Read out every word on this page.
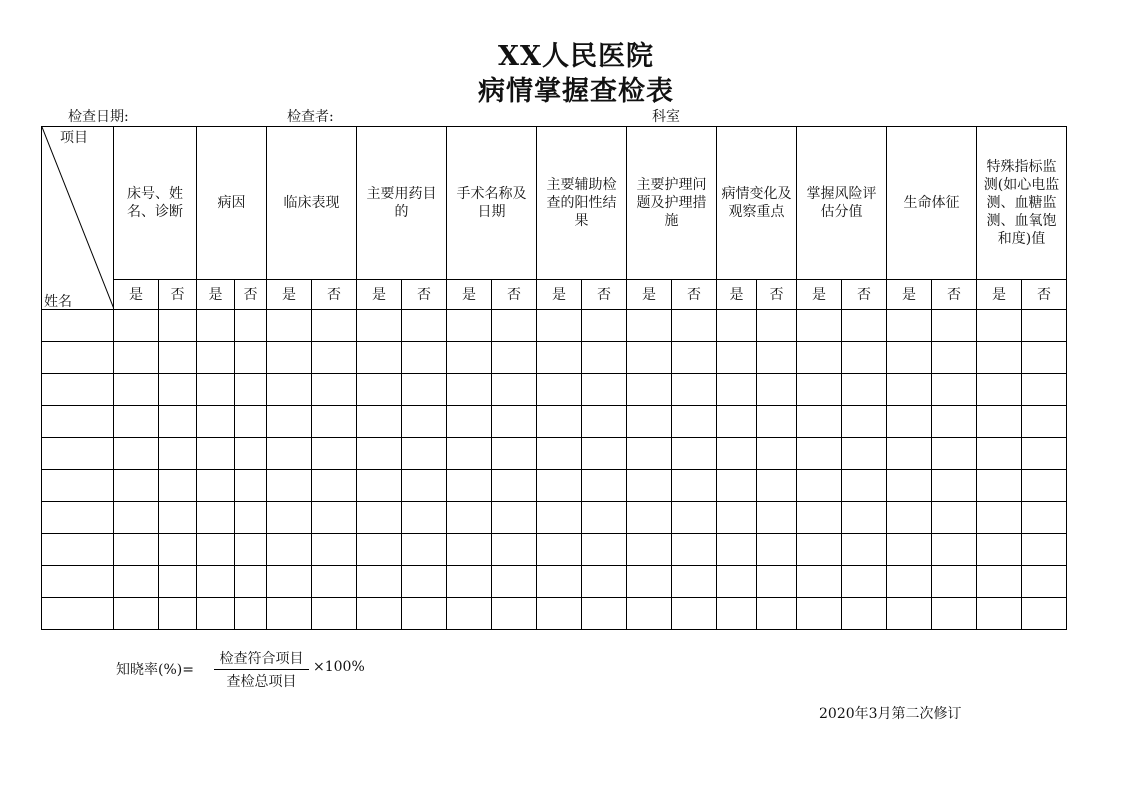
XX人民医院
病情掌握查检表
检查日期:	检查者:	科室
项目
姓名	床号、姓名、诊断		病因		临床表现		主要用药目的		手术名称及日期		主要辅助检查的阳性结果		主要护理问题及护理措施		病情变化及观察重点		掌握风险评估分值		生命体征		特殊指标监测(如心电监测、血糖监测、血氧饱和度)值	
	是	否	是	否	是	否	是	否	是	否	是	否	是	否	是	否	是	否	是	否	是	否

知晓率(%)=
检查符合项目
查检总项目
×100%
2020年3月第二次修订
